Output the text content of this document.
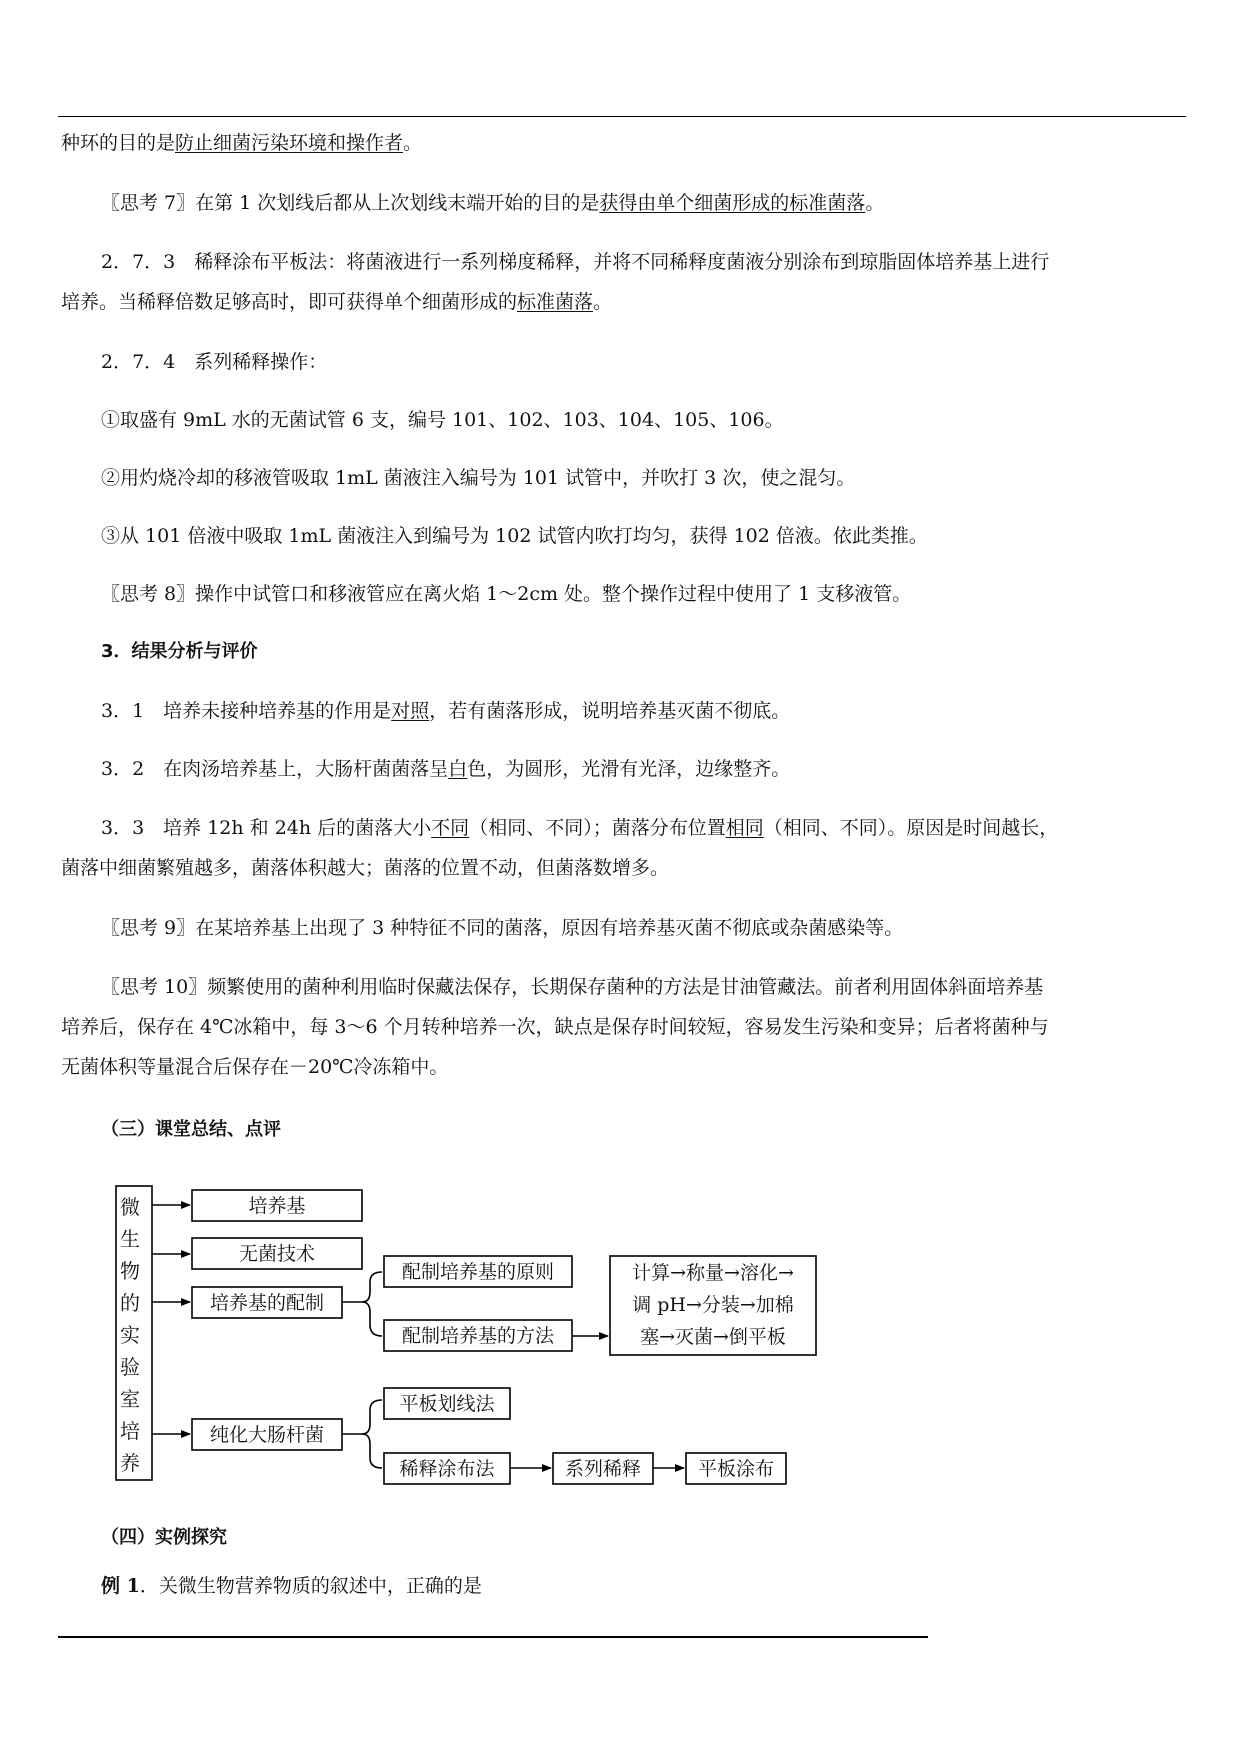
种环的目的是防止细菌污染环境和操作者。
〖思考 7〗在第 1 次划线后都从上次划线末端开始的目的是获得由单个细菌形成的标准菌落。
2．7．3　稀释涂布平板法：将菌液进行一系列梯度稀释，并将不同稀释度菌液分别涂布到琼脂固体培养基上进行
培养。当稀释倍数足够高时，即可获得单个细菌形成的标准菌落。
2．7．4　系列稀释操作：
①取盛有 9mL 水的无菌试管 6 支，编号 101、102、103、104、105、106。
②用灼烧冷却的移液管吸取 1mL 菌液注入编号为 101 试管中，并吹打 3 次，使之混匀。
③从 101 倍液中吸取 1mL 菌液注入到编号为 102 试管内吹打均匀，获得 102 倍液。依此类推。
〖思考 8〗操作中试管口和移液管应在离火焰 1～2cm 处。整个操作过程中使用了 1 支移液管。
3．结果分析与评价
3．1　培养未接种培养基的作用是对照，若有菌落形成，说明培养基灭菌不彻底。
3．2　在肉汤培养基上，大肠杆菌菌落呈白色，为圆形，光滑有光泽，边缘整齐。
3．3　培养 12h 和 24h 后的菌落大小不同（相同、不同）；菌落分布位置相同（相同、不同）。原因是时间越长，
菌落中细菌繁殖越多，菌落体积越大；菌落的位置不动，但菌落数增多。
〖思考 9〗在某培养基上出现了 3 种特征不同的菌落，原因有培养基灭菌不彻底或杂菌感染等。
〖思考 10〗频繁使用的菌种利用临时保藏法保存，长期保存菌种的方法是甘油管藏法。前者利用固体斜面培养基
培养后，保存在 4℃冰箱中，每 3～6 个月转种培养一次，缺点是保存时间较短，容易发生污染和变异；后者将菌种与
无菌体积等量混合后保存在－20℃冷冻箱中。
（三）课堂总结、点评
微
生
物
的
实
验
室
培
养
培养基
无菌技术
培养基的配制
纯化大肠杆菌
配制培养基的原则
配制培养基的方法
计算→称量→溶化→
调 pH→分装→加棉
塞→灭菌→倒平板
平板划线法
稀释涂布法	系列稀释	平板涂布
（四）实例探究
例 1．关微生物营养物质的叙述中，正确的是
